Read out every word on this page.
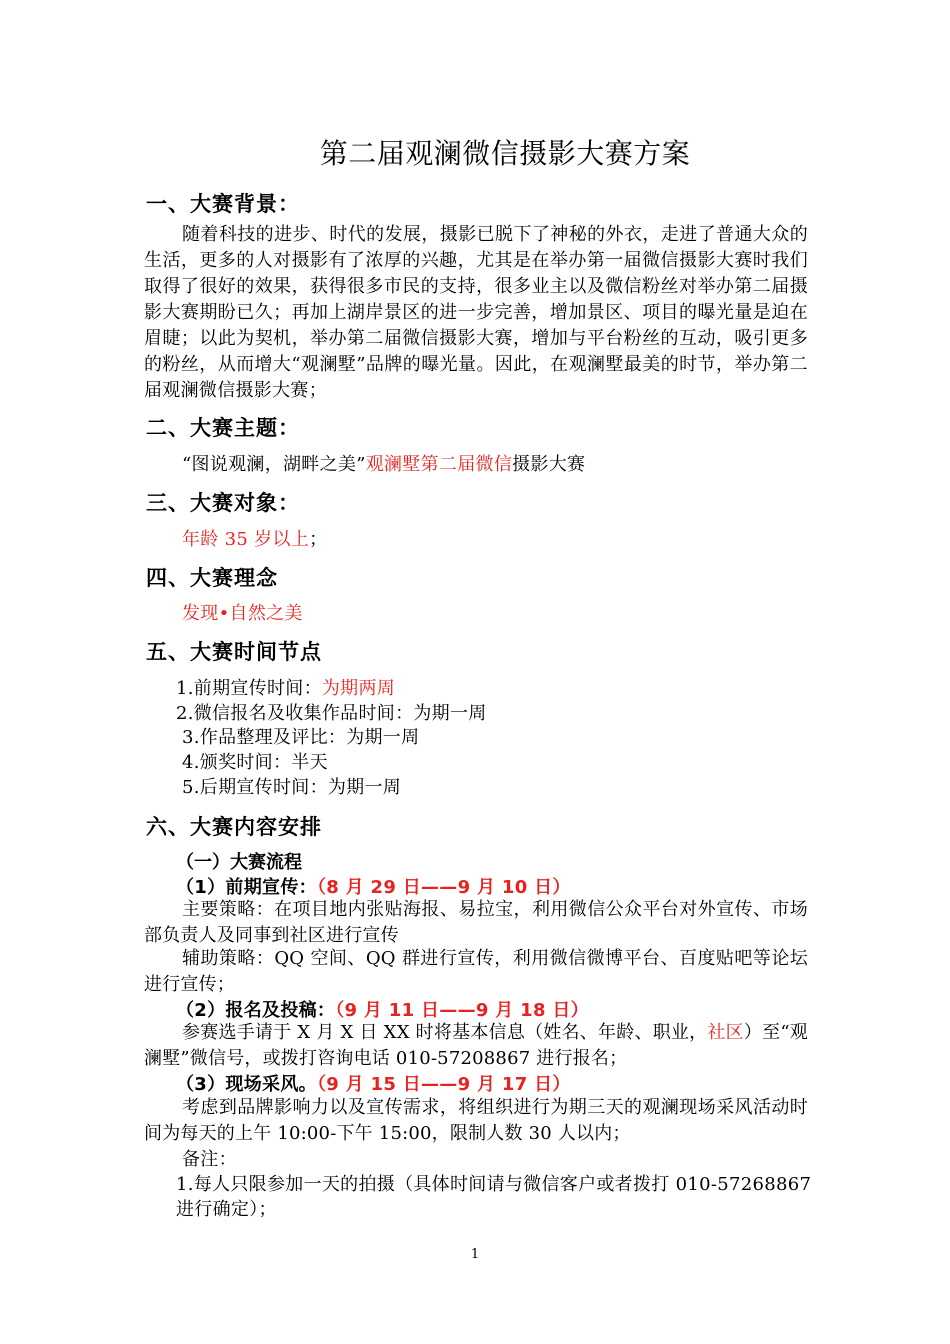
第二届观澜微信摄影大赛方案
一、大赛背景：
随着科技的进步、时代的发展，摄影已脱下了神秘的外衣，走进了普通大众的生活，更多的人对摄影有了浓厚的兴趣，尤其是在举办第一届微信摄影大赛时我们取得了很好的效果，获得很多市民的支持，很多业主以及微信粉丝对举办第二届摄影大赛期盼已久；再加上湖岸景区的进一步完善，增加景区、项目的曝光量是迫在眉睫；以此为契机，举办第二届微信摄影大赛，增加与平台粉丝的互动，吸引更多的粉丝，从而增大“观澜墅”品牌的曝光量。因此，在观澜墅最美的时节，举办第二届观澜微信摄影大赛；
二、大赛主题：
“图说观澜，湖畔之美”观澜墅第二届微信摄影大赛
三、大赛对象：
年龄 35 岁以上；
四、大赛理念
发现•自然之美
五、大赛时间节点
1.前期宣传时间：为期两周
2.微信报名及收集作品时间：为期一周
3.作品整理及评比：为期一周
4.颁奖时间：半天
5.后期宣传时间：为期一周
六、大赛内容安排
（一）大赛流程
（1）前期宣传：（8 月 29 日——9 月 10 日）
主要策略：在项目地内张贴海报、易拉宝，利用微信公众平台对外宣传、市场部负责人及同事到社区进行宣传
辅助策略：QQ 空间、QQ 群进行宣传，利用微信微博平台、百度贴吧等论坛进行宣传；
（2）报名及投稿：（9 月 11 日——9 月 18 日）
参赛选手请于 X 月 X 日 XX 时将基本信息（姓名、年龄、职业，社区）至“观澜墅”微信号，或拨打咨询电话 010-57208867 进行报名；
（3）现场采风。（9 月 15 日——9 月 17 日）
考虑到品牌影响力以及宣传需求，将组织进行为期三天的观澜现场采风活动时间为每天的上午 10:00-下午 15:00，限制人数 30 人以内；
备注：
1.每人只限参加一天的拍摄（具体时间请与微信客户或者拨打 010-57268867
进行确定）；
1
